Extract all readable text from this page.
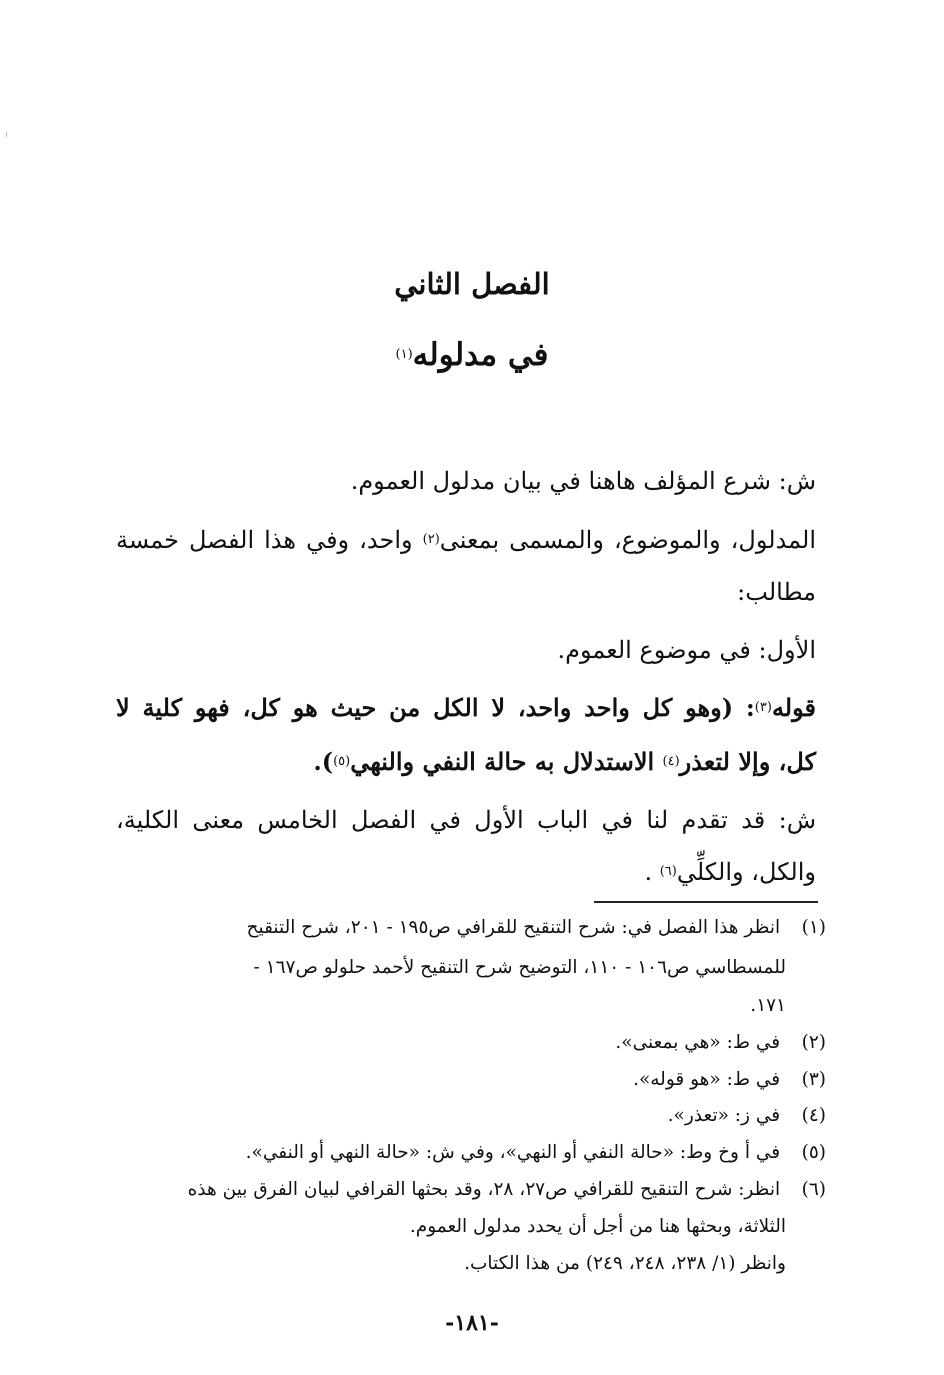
الفصل الثاني
في مدلوله$^{(١)}$
ش: شرع المؤلف هاهنا في بيان مدلول العموم.
المدلول، والموضوع، والمسمى بمعنى$^{(٢)}$ واحد، وفي هذا الفصل خمسة
مطالب:
الأول: في موضوع العموم.
قوله$^{(٣)}$: (وهو كل واحد واحد، لا الكل من حيث هو كل، فهو كلية لا
كل، وإلا لتعذر$^{(٤)}$ الاستدلال به حالة النفي والنهي$^{(٥)}$).
ش: قد تقدم لنا في الباب الأول في الفصل الخامس معنى الكلية،
والكل، والكلِّي$^{(٦)}$ .
(١) انظر هذا الفصل في: شرح التنقيح للقرافي ص١٩٥ - ٢٠١، شرح التنقيح
للمسطاسي ص١٠٦ - ١١٠، التوضيح شرح التنقيح لأحمد حلولو ص١٦٧ -
١٧١.
(٢) في ط: «هي بمعنى».
(٣) في ط: «هو قوله».
(٤) في ز: «تعذر».
(٥) في أ وخ وط: «حالة النفي أو النهي»، وفي ش: «حالة النهي أو النفي».
(٦) انظر: شرح التنقيح للقرافي ص٢٧، ٢٨، وقد بحثها القرافي لبيان الفرق بين هذه
الثلاثة، وبحثها هنا من أجل أن يحدد مدلول العموم.
وانظر (١/ ٢٣٨، ٢٤٨، ٢٤٩) من هذا الكتاب.
-١٨١-
